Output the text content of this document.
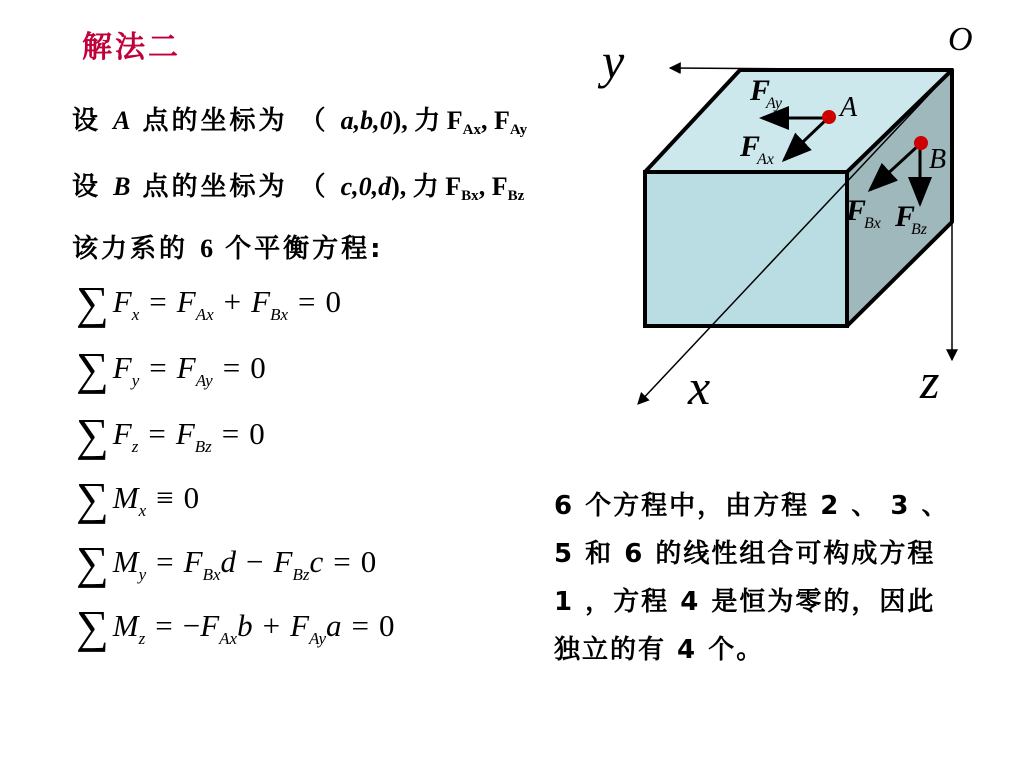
解法二
设 A 点的坐标为 （ a,b,0), 力 $F_{Ax}$, $F_{Ay}$
设 B 点的坐标为 （ c,0,d), 力 $F_{Bx}$, $F_{Bz}$
该力系的 6 个平衡方程:
∑ $F_x = F_{Ax} + F_{Bx} = 0$
∑ $F_y = F_{Ay} = 0$
∑ $F_z = F_{Bz} = 0$
∑ $M_x \equiv 0$
∑ $M_y = F_{Bx}d - F_{Bz}c = 0$
∑ $M_z = -F_{Ax}b + F_{Ay}a = 0$
6 个方程中，由方程 2 、 3 、 5 和 6 的线性组合可构成方程 1 ，方程 4 是恒为零的，因此独立的有 4 个。
O
y
x	z
A
B
F
Ay
F
Ax
F
Bx F
Bz
